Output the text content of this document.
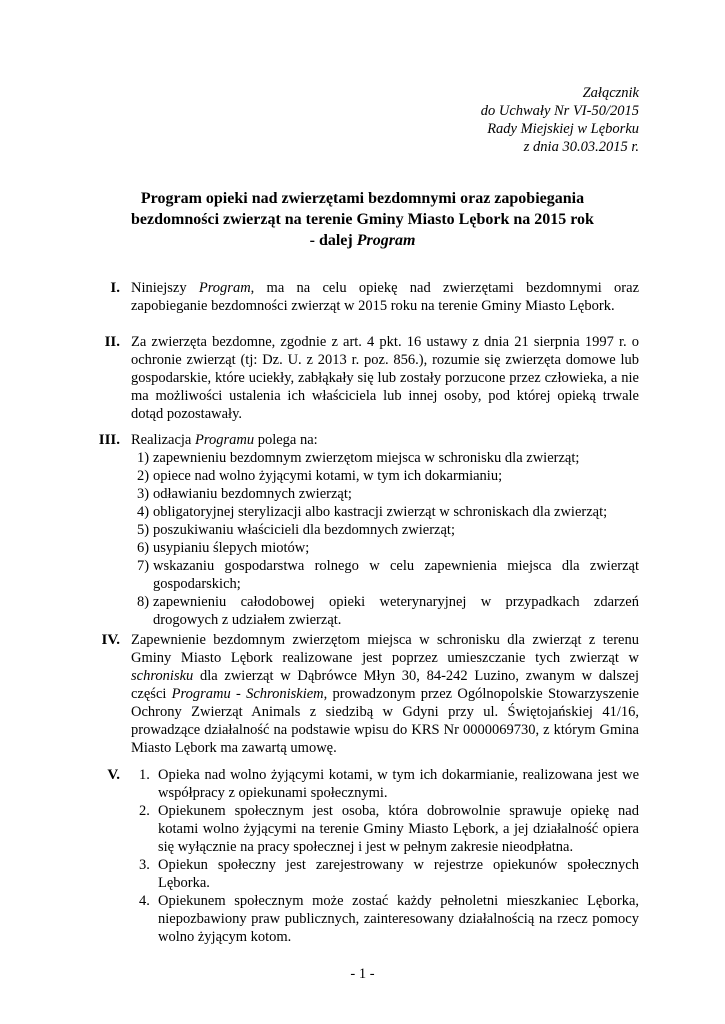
Załącznik
do Uchwały Nr VI-50/2015
Rady Miejskiej w Lęborku
z dnia 30.03.2015 r.
Program opieki nad zwierzętami bezdomnymi oraz zapobiegania
bezdomności zwierząt na terenie Gminy Miasto Lębork na 2015 rok
- dalej Program
I. Niniejszy Program, ma na celu opiekę nad zwierzętami bezdomnymi oraz

zapobieganie bezdomności zwierząt w 2015 roku na terenie Gminy Miasto Lębork.

II. Za zwierzęta bezdomne, zgodnie z art. 4 pkt. 16 ustawy z dnia 21 sierpnia 1997 r. o ochronie zwierząt (tj: Dz. U. z 2013 r. poz. 856.), rozumie się zwierzęta domowe lub gospodarskie, które uciekły, zabłąkały się lub zostały porzucone przez człowieka, a nie ma możliwości ustalenia ich właściciela lub innej osoby, pod której opieką trwale dotąd pozostawały.

III. Realizacja Programu polega na:

1) zapewnieniu bezdomnym zwierzętom miejsca w schronisku dla zwierząt;
2) opiece nad wolno żyjącymi kotami, w tym ich dokarmianiu;
3) odławianiu bezdomnych zwierząt;
4) obligatoryjnej sterylizacji albo kastracji zwierząt w schroniskach dla zwierząt;
5) poszukiwaniu właścicieli dla bezdomnych zwierząt;
6) usypianiu ślepych miotów;
7) wskazaniu gospodarstwa rolnego w celu zapewnienia miejsca dla zwierząt gospodarskich;
8) zapewnieniu całodobowej opieki weterynaryjnej w przypadkach zdarzeń drogowych z udziałem zwierząt.
IV. Zapewnienie bezdomnym zwierzętom miejsca w schronisku dla zwierząt z terenu Gminy Miasto Lębork realizowane jest poprzez umieszczanie tych zwierząt w schronisku dla zwierząt w Dąbrówce Młyn 30, 84-242 Luzino, zwanym w dalszej części Programu - Schroniskiem, prowadzonym przez Ogólnopolskie Stowarzyszenie Ochrony Zwierząt Animals z siedzibą w Gdyni przy ul. Świętojańskiej 41/16, prowadzące działalność na podstawie wpisu do KRS Nr 0000069730, z którym Gmina Miasto Lębork ma zawartą umowę.

V. 1. Opieka nad wolno żyjącymi kotami, w tym ich dokarmianie, realizowana jest we współpracy z opiekunami społecznymi.
2. Opiekunem społecznym jest osoba, która dobrowolnie sprawuje opiekę nad kotami wolno żyjącymi na terenie Gminy Miasto Lębork, a jej działalność opiera się wyłącznie na pracy społecznej i jest w pełnym zakresie nieodpłatna.
3. Opiekun społeczny jest zarejestrowany w rejestrze opiekunów społecznych Lęborka.
4. Opiekunem społecznym może zostać każdy pełnoletni mieszkaniec Lęborka, niepozbawiony praw publicznych, zainteresowany działalnością na rzecz pomocy wolno żyjącym kotom.
- 1 -
